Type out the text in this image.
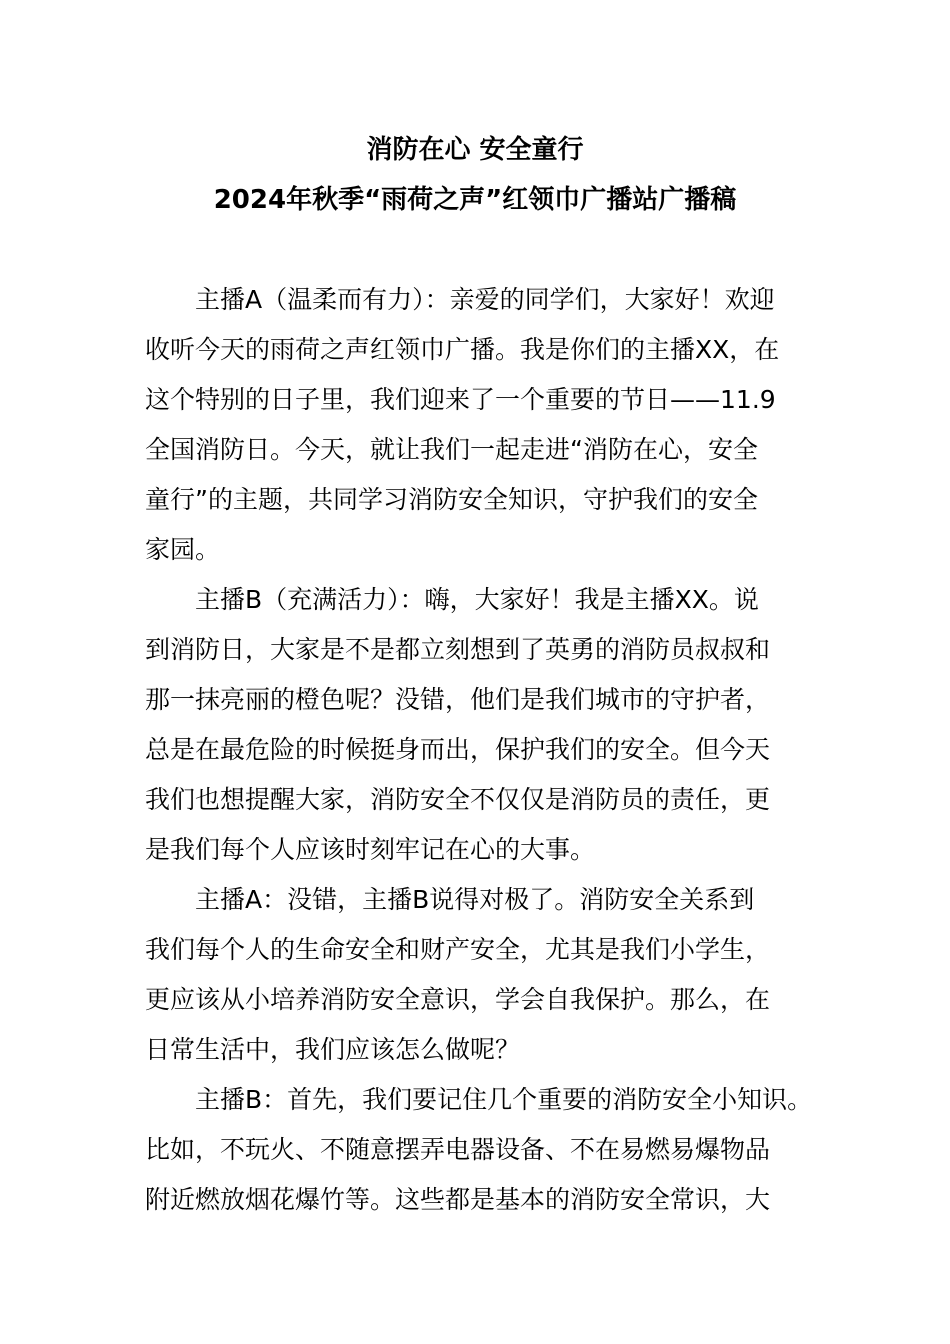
消防在心 安全童行
2024年秋季“雨荷之声”红领巾广播站广播稿
主播A（温柔而有力）：亲爱的同学们，大家好！欢迎
收听今天的雨荷之声红领巾广播。我是你们的主播XX，在
这个特别的日子里，我们迎来了一个重要的节日——11.9
全国消防日。今天，就让我们一起走进“消防在心，安全
童行”的主题，共同学习消防安全知识，守护我们的安全
家园。
主播B（充满活力）：嗨，大家好！我是主播XX。说
到消防日，大家是不是都立刻想到了英勇的消防员叔叔和
那一抹亮丽的橙色呢？没错，他们是我们城市的守护者，
总是在最危险的时候挺身而出，保护我们的安全。但今天
我们也想提醒大家，消防安全不仅仅是消防员的责任，更
是我们每个人应该时刻牢记在心的大事。
主播A：没错，主播B说得对极了。消防安全关系到
我们每个人的生命安全和财产安全，尤其是我们小学生，
更应该从小培养消防安全意识，学会自我保护。那么，在
日常生活中，我们应该怎么做呢？
主播B：首先，我们要记住几个重要的消防安全小知识。
比如，不玩火、不随意摆弄电器设备、不在易燃易爆物品
附近燃放烟花爆竹等。这些都是基本的消防安全常识，大
